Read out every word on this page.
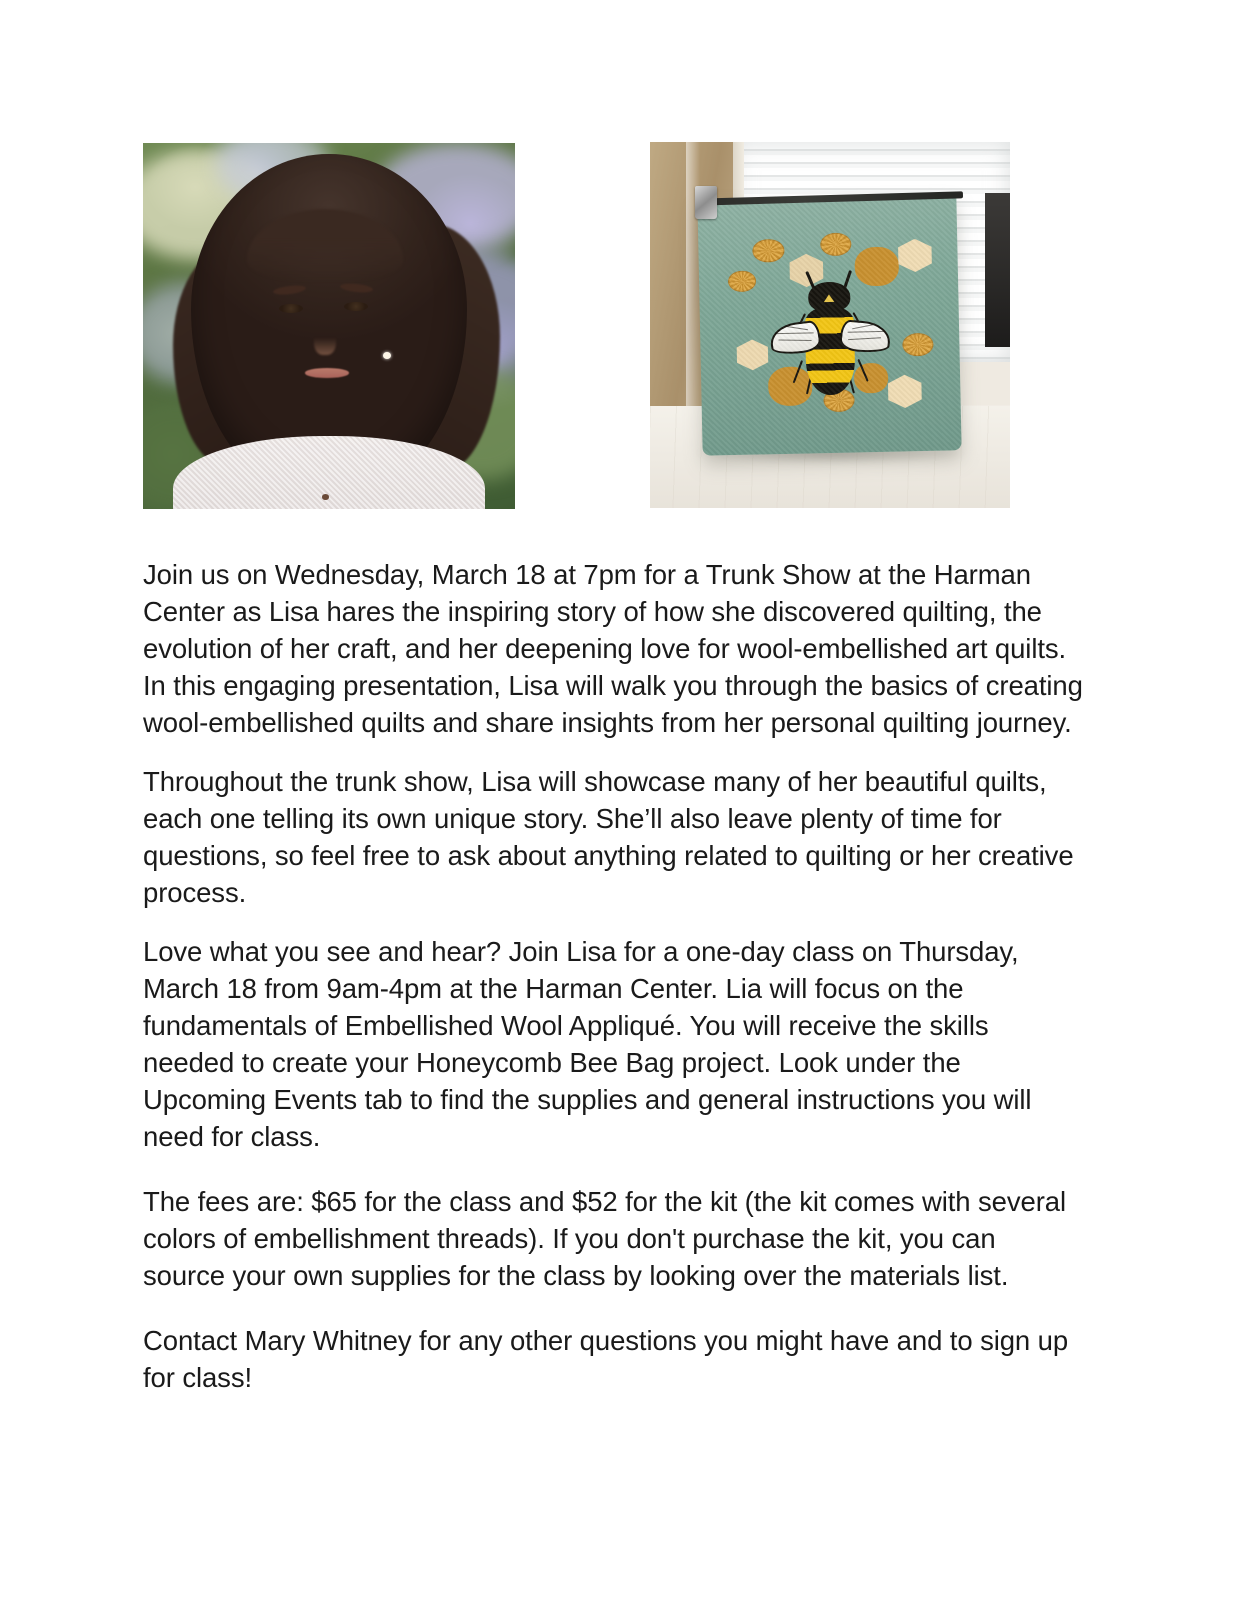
Join us on Wednesday, March 18 at 7pm for a Trunk Show at the Harman Center as Lisa hares the inspiring story of how she discovered quilting, the evolution of her craft, and her deepening love for wool-embellished art quilts. In this engaging presentation, Lisa will walk you through the basics of creating wool-embellished quilts and share insights from her personal quilting journey.

Throughout the trunk show, Lisa will showcase many of her beautiful quilts, each one telling its own unique story. She’ll also leave plenty of time for questions, so feel free to ask about anything related to quilting or her creative process.

Love what you see and hear? Join Lisa for a one-day class on Thursday, March 18 from 9am-4pm at the Harman Center. Lia will focus on the fundamentals of Embellished Wool Appliqué. You will receive the skills needed to create your Honeycomb Bee Bag project. Look under the Upcoming Events tab to find the supplies and general instructions you will need for class.

The fees are: $65 for the class and $52 for the kit (the kit comes with several colors of embellishment threads). If you don't purchase the kit, you can source your own supplies for the class by looking over the materials list.

Contact Mary Whitney for any other questions you might have and to sign up for class!
